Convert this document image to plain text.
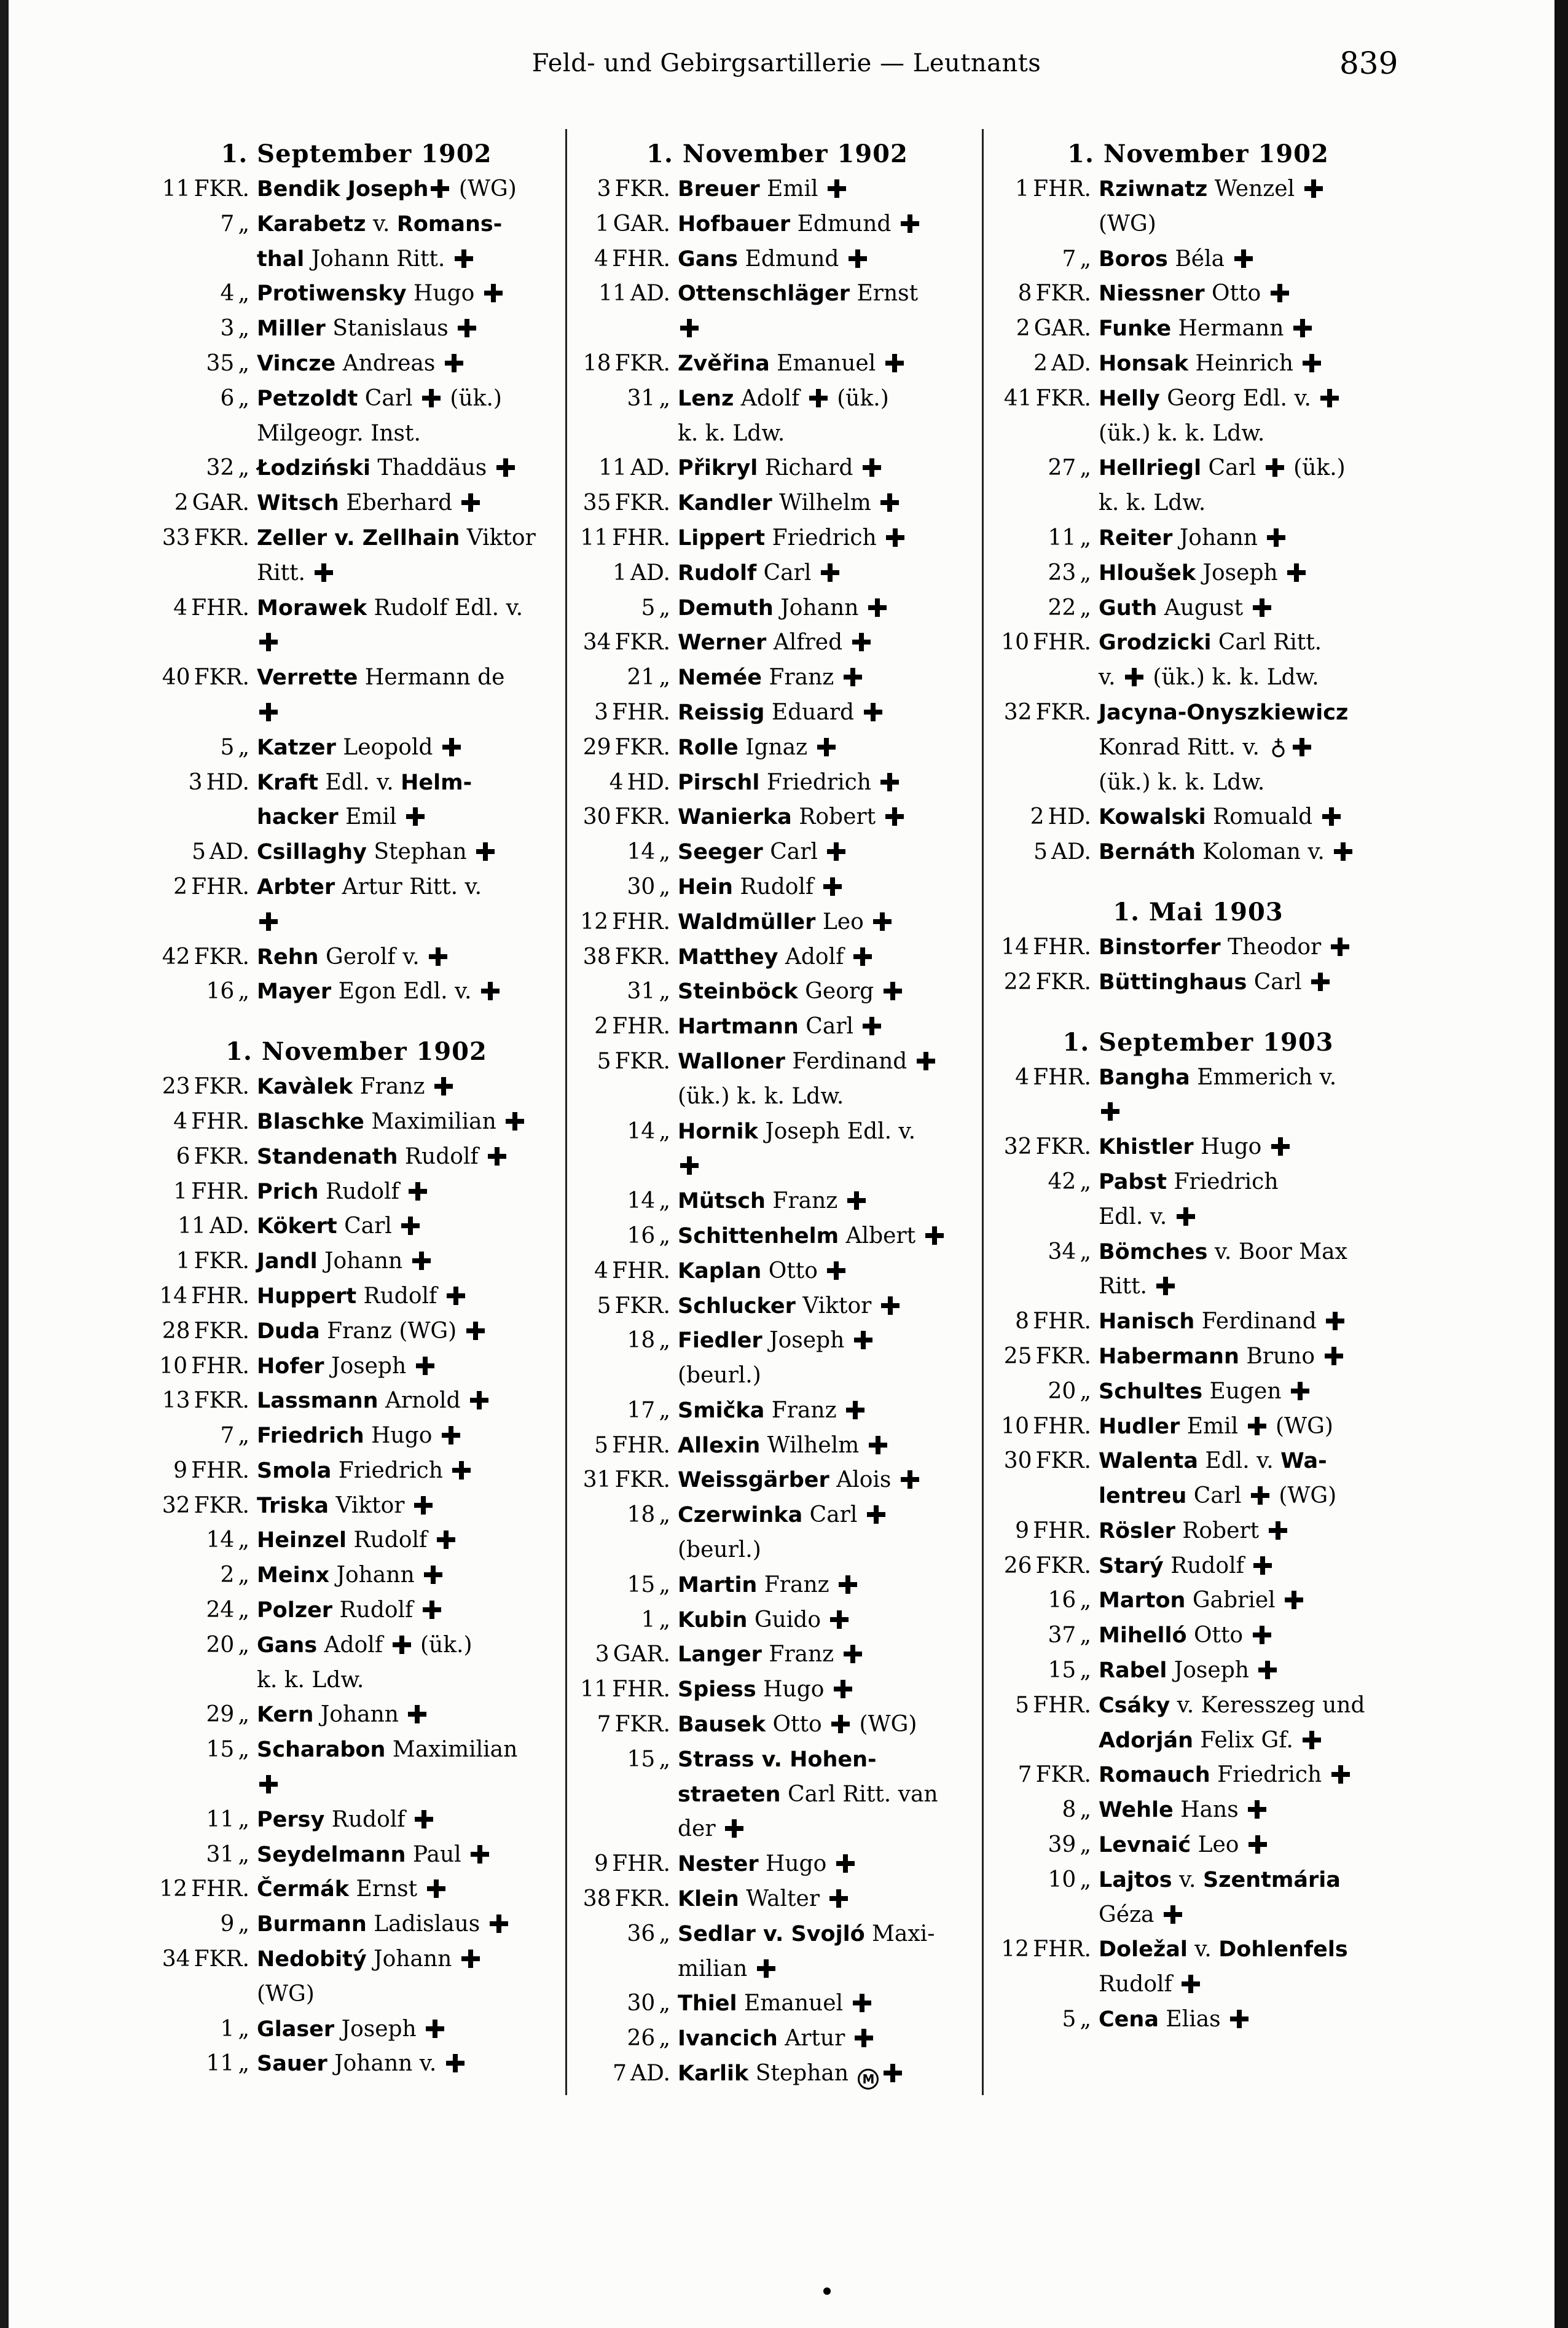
Feld- und Gebirgsartillerie — Leutnants	839
1. September 1902
11 FKR. Bendik Joseph (WG)
7 „ Karabetz v. Romans-
thal Johann Ritt.
4 „ Protiwensky Hugo
3 „ Miller Stanislaus
35 „ Vincze Andreas
6 „ Petzoldt Carl  (ük.)
Milgeogr. Inst.
32 „ Łodziński Thaddäus
2 GAR. Witsch Eberhard
33 FKR. Zeller v. Zellhain Viktor
Ritt.
4 FHR. Morawek Rudolf Edl. v.
40 FKR. Verrette Hermann de
5 „ Katzer Leopold
3 HD. Kraft Edl. v. Helm-
hacker Emil
5 AD. Csillaghy Stephan
2 FHR. Arbter Artur Ritt. v.
42 FKR. Rehn Gerolf v.
16 „ Mayer Egon Edl. v.
1. November 1902
23 FKR. Kavàlek Franz
4 FHR. Blaschke Maximilian
6 FKR. Standenath Rudolf
1 FHR. Prich Rudolf
11 AD. Kökert Carl
1 FKR. Jandl Johann
14 FHR. Huppert Rudolf
28 FKR. Duda Franz (WG)
10 FHR. Hofer Joseph
13 FKR. Lassmann Arnold
7 „ Friedrich Hugo
9 FHR. Smola Friedrich
32 FKR. Triska Viktor
14 „ Heinzel Rudolf
2 „ Meinx Johann
24 „ Polzer Rudolf
20 „ Gans Adolf  (ük.)
k. k. Ldw.
29 „ Kern Johann
15 „ Scharabon Maximilian
11 „ Persy Rudolf
31 „ Seydelmann Paul
12 FHR. Čermák Ernst
9 „ Burmann Ladislaus
34 FKR. Nedobitý Johann
(WG)
1 „ Glaser Joseph
11 „ Sauer Johann v.
1. November 1902
3 FKR. Breuer Emil
1 GAR. Hofbauer Edmund
4 FHR. Gans Edmund
11 AD. Ottenschläger Ernst
18 FKR. Zvěřina Emanuel
31 „ Lenz Adolf  (ük.)
k. k. Ldw.
11 AD. Přikryl Richard
35 FKR. Kandler Wilhelm
11 FHR. Lippert Friedrich
1 AD. Rudolf Carl
5 „ Demuth Johann
34 FKR. Werner Alfred
21 „ Nemée Franz
3 FHR. Reissig Eduard
29 FKR. Rolle Ignaz
4 HD. Pirschl Friedrich
30 FKR. Wanierka Robert
14 „ Seeger Carl
30 „ Hein Rudolf
12 FHR. Waldmüller Leo
38 FKR. Matthey Adolf
31 „ Steinböck Georg
2 FHR. Hartmann Carl
5 FKR. Walloner Ferdinand
(ük.) k. k. Ldw.
14 „ Hornik Joseph Edl. v.
14 „ Mütsch Franz
16 „ Schittenhelm Albert
4 FHR. Kaplan Otto
5 FKR. Schlucker Viktor
18 „ Fiedler Joseph
(beurl.)
17 „ Smička Franz
5 FHR. Allexin Wilhelm
31 FKR. Weissgärber Alois
18 „ Czerwinka Carl
(beurl.)
15 „ Martin Franz
1 „ Kubin Guido
3 GAR. Langer Franz
11 FHR. Spiess Hugo
7 FKR. Bausek Otto  (WG)
15 „ Strass v. Hohen-
straeten Carl Ritt. van
der
9 FHR. Nester Hugo
38 FKR. Klein Walter
36 „ Sedlar v. Svojló Maxi-
milian
30 „ Thiel Emanuel
26 „ Ivancich Artur
7 AD. Karlik Stephan M
1. November 1902
1 FHR. Rziwnatz Wenzel
(WG)
7 „ Boros Béla
8 FKR. Niessner Otto
2 GAR. Funke Hermann
2 AD. Honsak Heinrich
41 FKR. Helly Georg Edl. v.
(ük.) k. k. Ldw.
27 „ Hellriegl Carl  (ük.)
k. k. Ldw.
11 „ Reiter Johann
23 „ Hloušek Joseph
22 „ Guth August
10 FHR. Grodzicki Carl Ritt.
v.  (ük.) k. k. Ldw.
32 FKR. Jacyna-Onyszkiewicz
Konrad Ritt. v. ♁
(ük.) k. k. Ldw.
2 HD. Kowalski Romuald
5 AD. Bernáth Koloman v.
1. Mai 1903
14 FHR. Binstorfer Theodor
22 FKR. Büttinghaus Carl
1. September 1903
4 FHR. Bangha Emmerich v.
32 FKR. Khistler Hugo
42 „ Pabst Friedrich
Edl. v.
34 „ Bömches v. Boor Max
Ritt.
8 FHR. Hanisch Ferdinand
25 FKR. Habermann Bruno
20 „ Schultes Eugen
10 FHR. Hudler Emil  (WG)
30 FKR. Walenta Edl. v. Wa-
lentreu Carl  (WG)
9 FHR. Rösler Robert
26 FKR. Starý Rudolf
16 „ Marton Gabriel
37 „ Mihelló Otto
15 „ Rabel Joseph
5 FHR. Csáky v. Keresszeg und
Adorján Felix Gf.
7 FKR. Romauch Friedrich
8 „ Wehle Hans
39 „ Levnaić Leo
10 „ Lajtos v. Szentmária
Géza
12 FHR. Doležal v. Dohlenfels
Rudolf
5 „ Cena Elias
